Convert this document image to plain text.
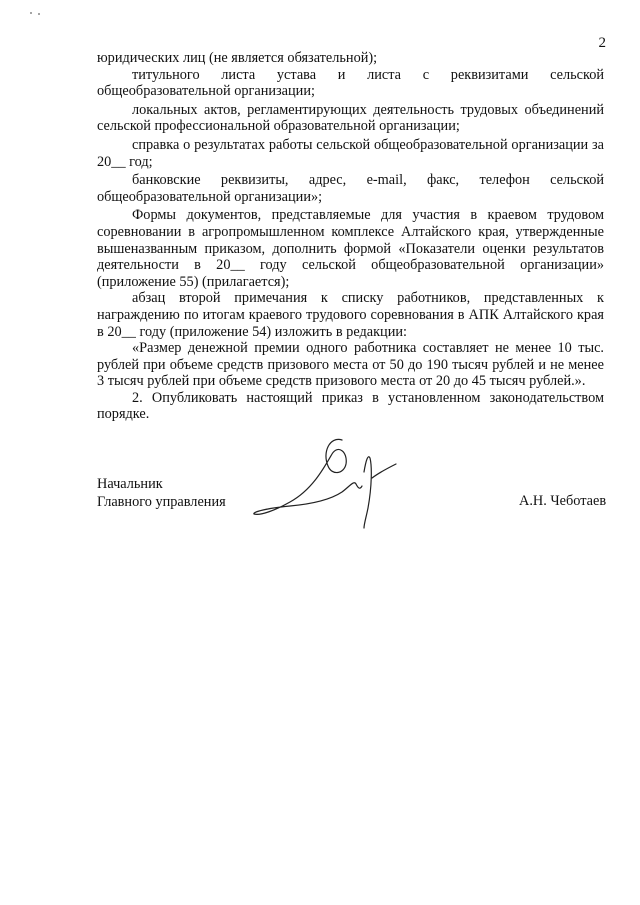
2

юридических лиц (не является обязательной);

титульного листа устава и листа с реквизитами сельской общеобразовательной организации;

локальных актов, регламентирующих деятельность трудовых объединений сельской профессиональной образовательной организации;

справка о результатах работы сельской общеобразовательной организации за 20__ год;

банковские реквизиты, адрес, e-mail, факс, телефон сельской общеобразовательной организации»;

Формы документов, представляемые для участия в краевом трудовом соревновании в агропромышленном комплексе Алтайского края, утвержденные вышеназванным приказом, дополнить формой «Показатели оценки результатов деятельности в 20__ году сельской общеобразовательной организации» (приложение 55) (прилагается);

абзац второй примечания к списку работников, представленных к награждению по итогам краевого трудового соревнования в АПК Алтайского края в 20__ году (приложение 54) изложить в редакции:

«Размер денежной премии одного работника составляет не менее 10 тыс. рублей при объеме средств призового места от 50 до 190 тысяч рублей и не менее 3 тысяч рублей при объеме средств призового места от 20 до 45 тысяч рублей.».

2. Опубликовать настоящий приказ в установленном законодательством порядке.

Начальник
Главного управления	А.Н. Чеботаев
